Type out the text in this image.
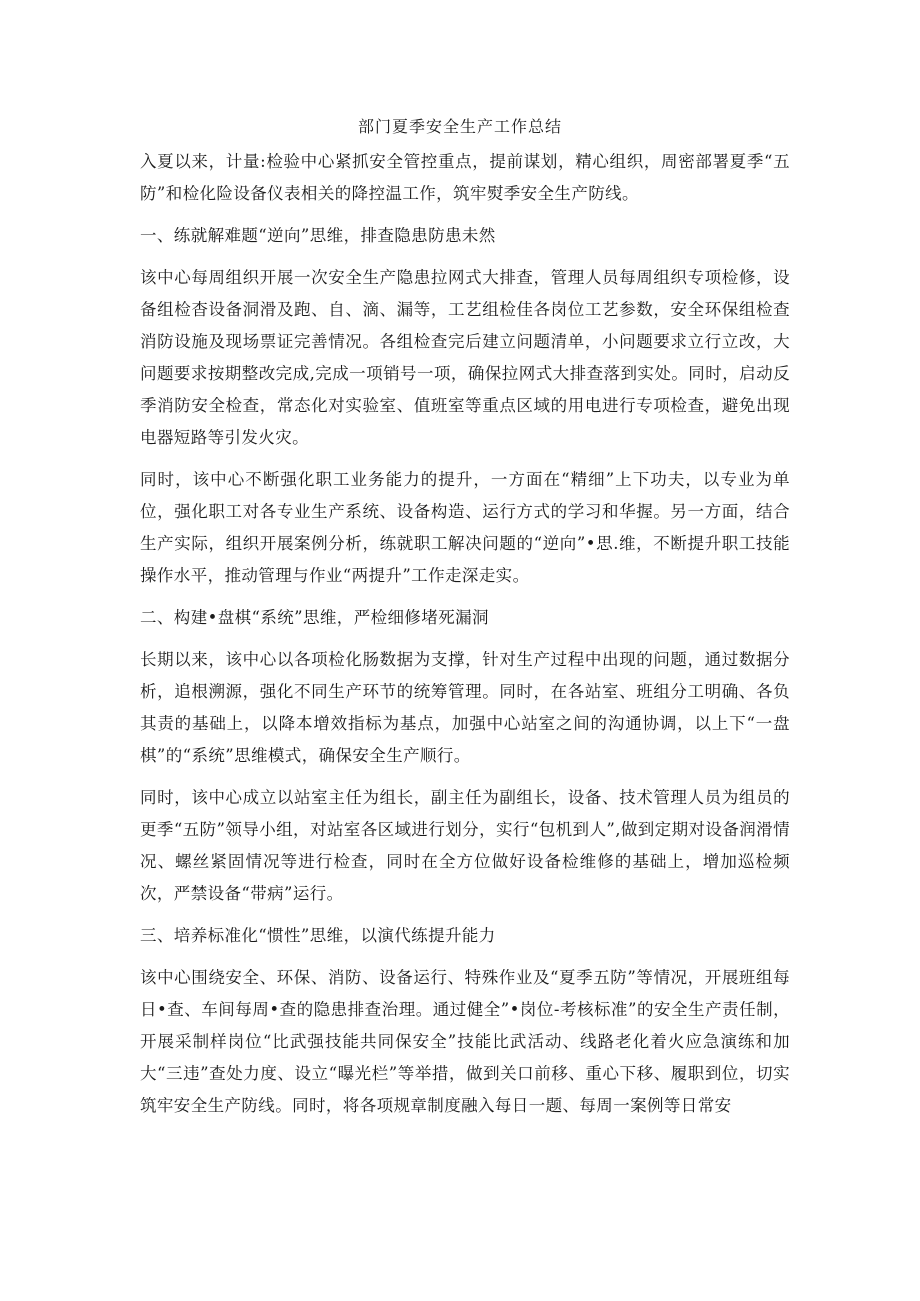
部门夏季安全生产工作总结

入夏以来，计量:检验中心紧抓安全管控重点，提前谋划，精心组织，周密部署夏季“五防”和检化险设备仪表相关的降控温工作，筑牢熨季安全生产防线。

一、练就解难题“逆向”思维，排查隐患防患未然

该中心每周组织开展一次安全生产隐患拉网式大排查，管理人员每周组织专项检修，设备组检杳设备洞滑及跑、自、滴、漏等，工艺组检佳各岗位工艺参数，安全环保组检查消防设施及现场票证完善情况。各组检查完后建立问题清单，小问题要求立行立改，大问题要求按期整改完成,完成一项销号一项，确保拉网式大排查落到实处。同时，启动反季消防安全检查，常态化对实验室、值班室等重点区域的用电进行专项检查，避免出现电器短路等引发火灾。

同时，该中心不断强化职工业务能力的提升，一方面在“精细”上下功夫，以专业为单位，强化职工对各专业生产系统、设备构造、运行方式的学习和华握。另一方面，结合生产实际，组织开展案例分析，练就职工解决问题的“逆向”•思.维，不断提升职工技能操作水平，推动管理与作业“两提升”工作走深走实。

二、构建•盘棋“系统”思维，严检细修堵死漏洞

长期以来，该中心以各项检化肠数据为支撑，针对生产过程中出现的问题，通过数据分析，追根溯源，强化不同生产环节的统筹管理。同时，在各站室、班组分工明确、各负其责的基础上，以降本增效指标为基点，加强中心站室之间的沟通协调，以上下“一盘棋”的“系统”思维模式，确保安全生产顺行。

同时，该中心成立以站室主任为组长，副主任为副组长，设备、技术管理人员为组员的更季“五防”领导小组，对站室各区域进行划分，实行“包机到人”,做到定期对设备润滑情况、螺丝紧固情况等进行检查，同时在全方位做好设备检维修的基础上，增加巡检频次，严禁设备“带病”运行。

三、培养标准化“惯性”思维，以演代练提升能力

该中心围绕安全、环保、消防、设备运行、特殊作业及“夏季五防”等情况，开展班组每日•查、车间每周•查的隐患排查治理。通过健全”•岗位-考核标准”的安全生产责任制，开展采制样岗位“比武强技能共同保安全”技能比武活动、线路老化着火应急演练和加大“三违”查处力度、设立“曝光栏”等举措，做到关口前移、重心下移、履职到位，切实筑牢安全生产防线。同时，将各项规章制度融入每日一题、每周一案例等日常安
